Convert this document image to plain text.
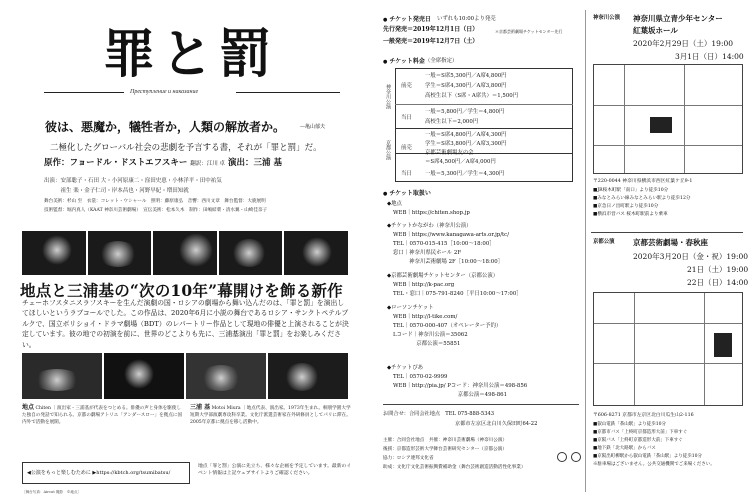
罪と罰
Преступление и наказание
彼は、悪魔か，犠牲者か，人類の解放者か。	—亀山郁夫
二極化したグローバル社会の悲劇を予言する書，それが「罪と罰」だ。
原作：フョードル・ドストエフスキー 翻訳：江川 卓 演出：三浦 基
出演：安部聡子・石田 大・小河原康二・窪田史恵・小林洋平・田中祐気
　　　祖生 楽・金子仁司・岸本昌也・河野早紀・増田知就
舞台美術：杉山 至　衣裳：コレット・ウシャール　照明：藤原康弘　音響：西川文章　舞台監督：大鹿展明
技術監督：堀内真人（KAAT 神奈川芸術劇場）　宣伝美術：松本久木　制作：田嶋結菜・清水翼・山崎佳奈子
地点と三浦基の“次の10年”幕開けを飾る新作
チェーホフスタニスラフスキーを生んだ演劇の国・ロシアの劇場から舞い込んだのは、「罪と罰」を演出してほしいというラブコールでした。この作品は、2020年6月に小説の舞台であるロシア・サンクトペテルブルクで、国立ボリショイ・ドラマ劇場（BDT）のレパートリー作品として現地の俳優と上演されることが決定しています。彼の地での初演を前に、世界のどこよりも先に、三浦基演出「罪と罰」をお楽しみください。
地点 Chiten ｜演出家・三浦基が代表をつとめる。俳優の声と身体を駆使した独自の発話で知られる。京都の劇場アトリエ「アンダースロー」を拠点に国内外で活動を展開。
三浦 基 Motoi Miura ｜地点代表、演出家。1973年生まれ。桐朋学園大学短期大学部演劇専攻科卒業。文化庁派遣芸術家在外研修員としてパリに滞在。2005年京都に拠点を移し活動中。
◀公演をもっと楽しむために ▶https://kbtch.org/tsumibatsu/
地点「罪と罰」公演に先立ち、様々な企画を予定しています。最新のイベント情報は上記ウェブサイトよりご確認ください。
［舞台写真：Aircut 撮影　©地点］
● チケット発売日 いずれも10:00より発売
先行発売＝2019年12月1日（日）
一般発売＝2019年12月7日（土）
＊京都芸術劇場チケットセンター先行
● チケット料金 （全席指定）
神奈川公演 前売
一般＝S席5,300円／A席4,800円
学生＝S席4,300円／A席3,800円
高校生以下（S席・A席共）＝1,500円
当日
一般＝5,800円／学生＝4,800円
高校生以下＝2,000円
京都公演 前売
一般＝S席4,800円／A席4,300円
学生＝S席3,800円／A席3,300円
京都芸術劇場友の会
＝S席4,500円／A席4,000円
当日 一般＝5,300円／学生＝4,300円
● チケット取扱い
◆地点
WEB｜https://chiten.shop.jp
◆チケットかながわ（神奈川公演）
WEB｜https://www.kanagawa-arts.or.jp/tc/
TEL｜0570-015-415［10:00〜18:00］
窓口｜神奈川県民ホール 2F
　　　神奈川芸術劇場 2F［10:00〜18:00］
◆京都芸術劇場チケットセンター（京都公演）
WEB｜http://k-pac.org
TEL・窓口｜075-791-8240［平日10:00〜17:00］
◆ローソンチケット
WEB｜http://l-tike.com/
TEL｜0570-000-407（オペレーター予約）
Lコード｜神奈川公演＝35062
　　　　 京都公演＝55851
◆チケットぴあ
TEL｜0570-02-9999
WEB｜http://pia.jp/ Pコード：神奈川公演＝498-856
　　　　　　　　　　　　京都公演＝498-861
お問合せ：合同会社地点　TEL 075-888-5343
京都市左京区北白川久保田町64-22
主催：合同会社地点　共催：神奈川芸術劇場（神奈川公演）
後援：京都造形芸術大学舞台芸術研究センター（京都公演）
協力：ロシア連邦文化省
助成：文化庁文化芸術振興費補助金（舞台芸術創造活動活性化事業）
神奈川公演 神奈川県立青少年センター
紅葉坂ホール
2020年2月29日（土）19:00
3月1日（日）14:00
〒220-0044 神奈川県横浜市西区紅葉ケ丘9-1
■JR桜木町駅「南口」より徒歩10分
■みなとみらい線みなとみらい駅より徒歩12分
■京急日ノ出町駅より徒歩10分
■横浜市営バス 桜木町駅前より乗車
京都公演 京都芸術劇場・春秋座
2020年3月20日（金・祝）19:00
21日（土）19:00
22日（日）14:00
〒606-8271 京都市左京区北白川瓜生山2-116
■叡山電鉄「茶山駅」より徒歩10分
■京都市バス「上終町京都造形大前」下車すぐ
■京阪バス「上終町京都造形大前」下車すぐ
■地下鉄「北大路駅」からバス
■京阪出町柳駅から叡山電鉄「茶山駅」より徒歩10分
※駐車場はございません。公共交通機関でご来場ください。
